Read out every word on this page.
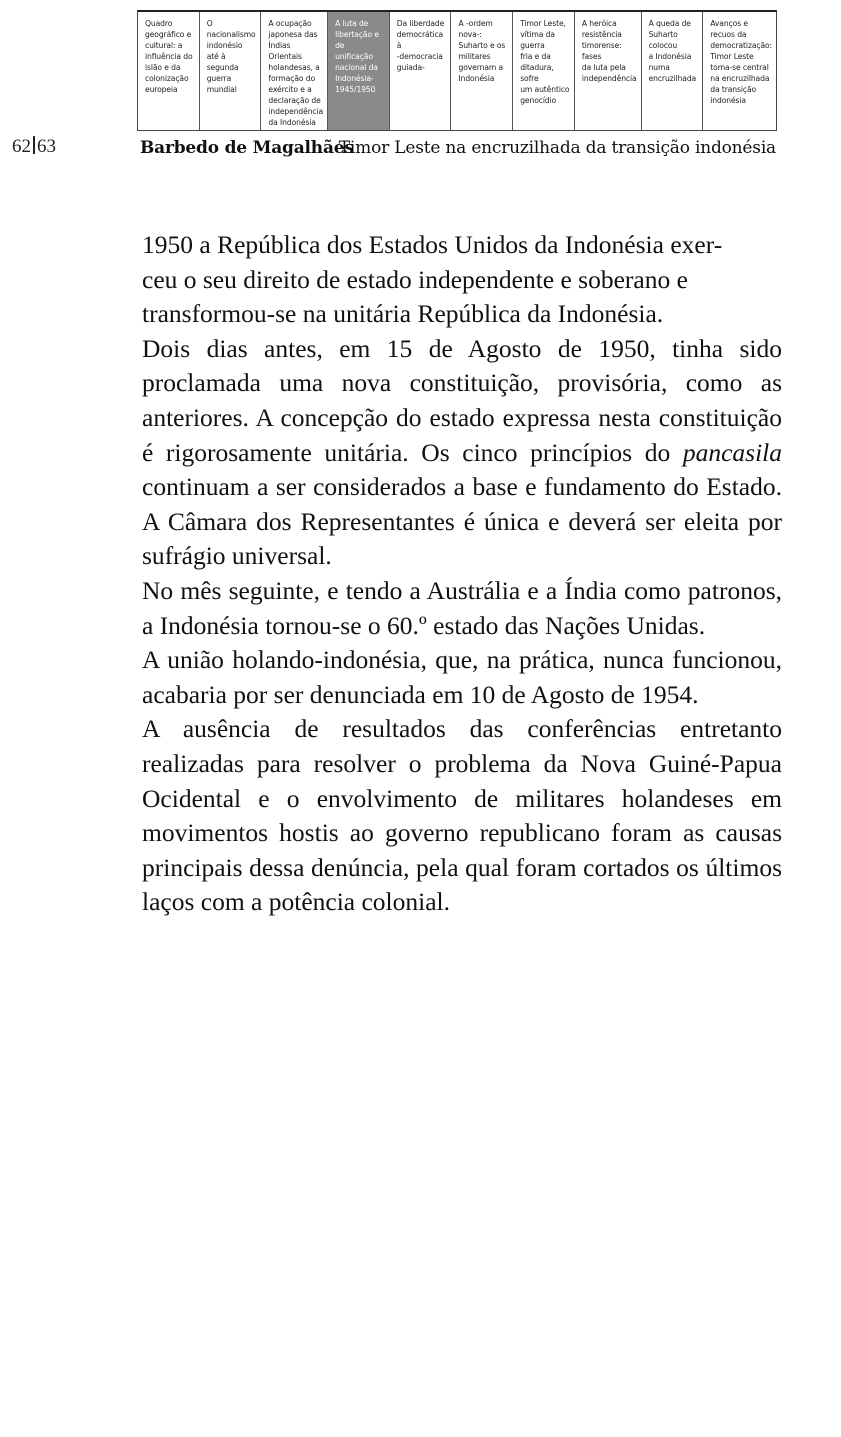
Quadro
geográfico e
cultural: a
influência do
islão e da
colonização
europeia
O nacionalismo
indonésio até à
segunda guerra
mundial
A ocupação
japonesa das
Índias Orientais
holandesas, a
formação do
exército e a
declaração de
independência
da Indonésia
A luta de
libertação e de
unificação
nacional da
Indonésia-
1945/1950
Da liberdade
democrática à
-democracia
guiada-
A -ordem nova-:
Suharto e os
militares
governam a
Indonésia
Timor Leste,
vítima da guerra
fria e da
ditadura, sofre
um autêntico
genocídio
A heróica
resistência
timorense: fases
da luta pela
independência
A queda de
Suharto colocou
a Indonésia
numa
encruzilhada
Avanços e
recuos da
democratização:
Timor Leste
toma-se central
na encruzilhada
da transição
indonésia
62 63	Barbedo de Magalhães
Timor Leste na encruzilhada da transição indonésia

1950 a República dos Estados Unidos da Indonésia exer-
ceu o seu direito de estado independente e soberano e
transformou-se na unitária República da Indonésia.

Dois dias antes, em 15 de Agosto de 1950, tinha sido proclamada uma nova constituição, provisória, como as anteriores. A concepção do estado expressa nesta constituição é rigorosamente unitária. Os cinco princípios do pancasila continuam a ser considerados a base e fundamento do Estado. A Câmara dos Representantes é única e deverá ser eleita por sufrágio universal.

No mês seguinte, e tendo a Austrália e a Índia como patronos, a Indonésia tornou-se o 60.º estado das Nações Unidas.

A união holando-indonésia, que, na prática, nunca funcionou, acabaria por ser denunciada em 10 de Agosto de 1954.

A ausência de resultados das conferências entretanto realizadas para resolver o problema da Nova Guiné-Papua Ocidental e o envolvimento de militares holandeses em movimentos hostis ao governo republicano foram as causas principais dessa denúncia, pela qual foram cortados os últimos laços com a potência colonial.
